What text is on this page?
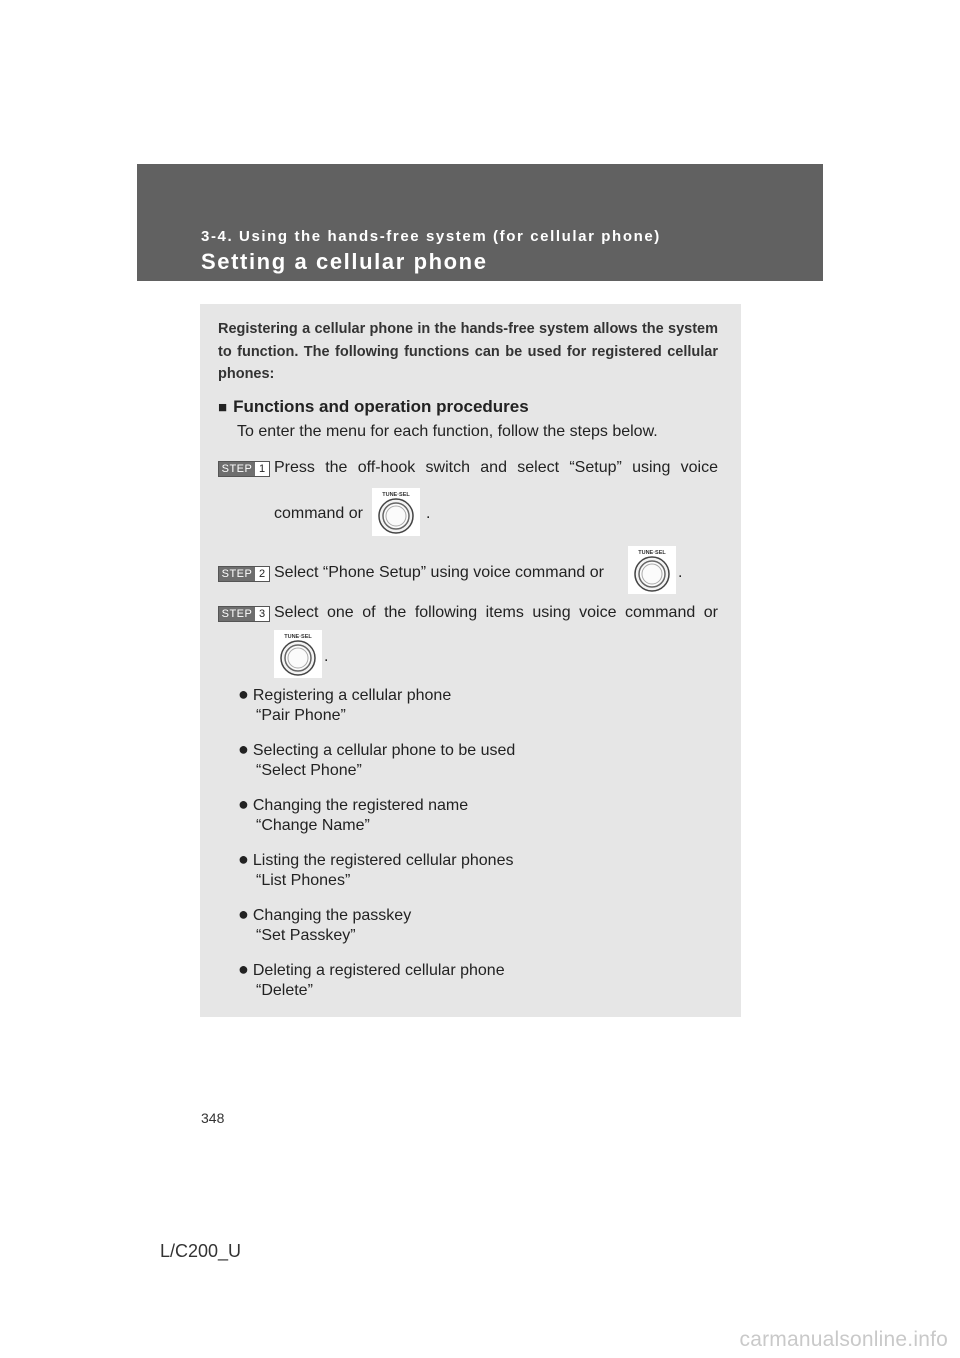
3-4. Using the hands-free system (for cellular phone)
Setting a cellular phone
Registering a cellular phone in the hands-free system allows the system to function. The following functions can be used for registered cellular phones:
■ Functions and operation procedures
To enter the menu for each function, follow the steps below.
STEP 1 Press the off-hook switch and select “Setup” using voice
command or
TUNE·SEL
.
STEP 2 Select “Phone Setup” using voice command or
TUNE·SEL
.
STEP 3 Select one of the following items using voice command or
TUNE·SEL
.
● Registering a cellular phone
“Pair Phone”
● Selecting a cellular phone to be used
“Select Phone”
● Changing the registered name
“Change Name”
● Listing the registered cellular phones
“List Phones”
● Changing the passkey
“Set Passkey”
● Deleting a registered cellular phone
“Delete”
348
L/C200_U
carmanualsonline.info
